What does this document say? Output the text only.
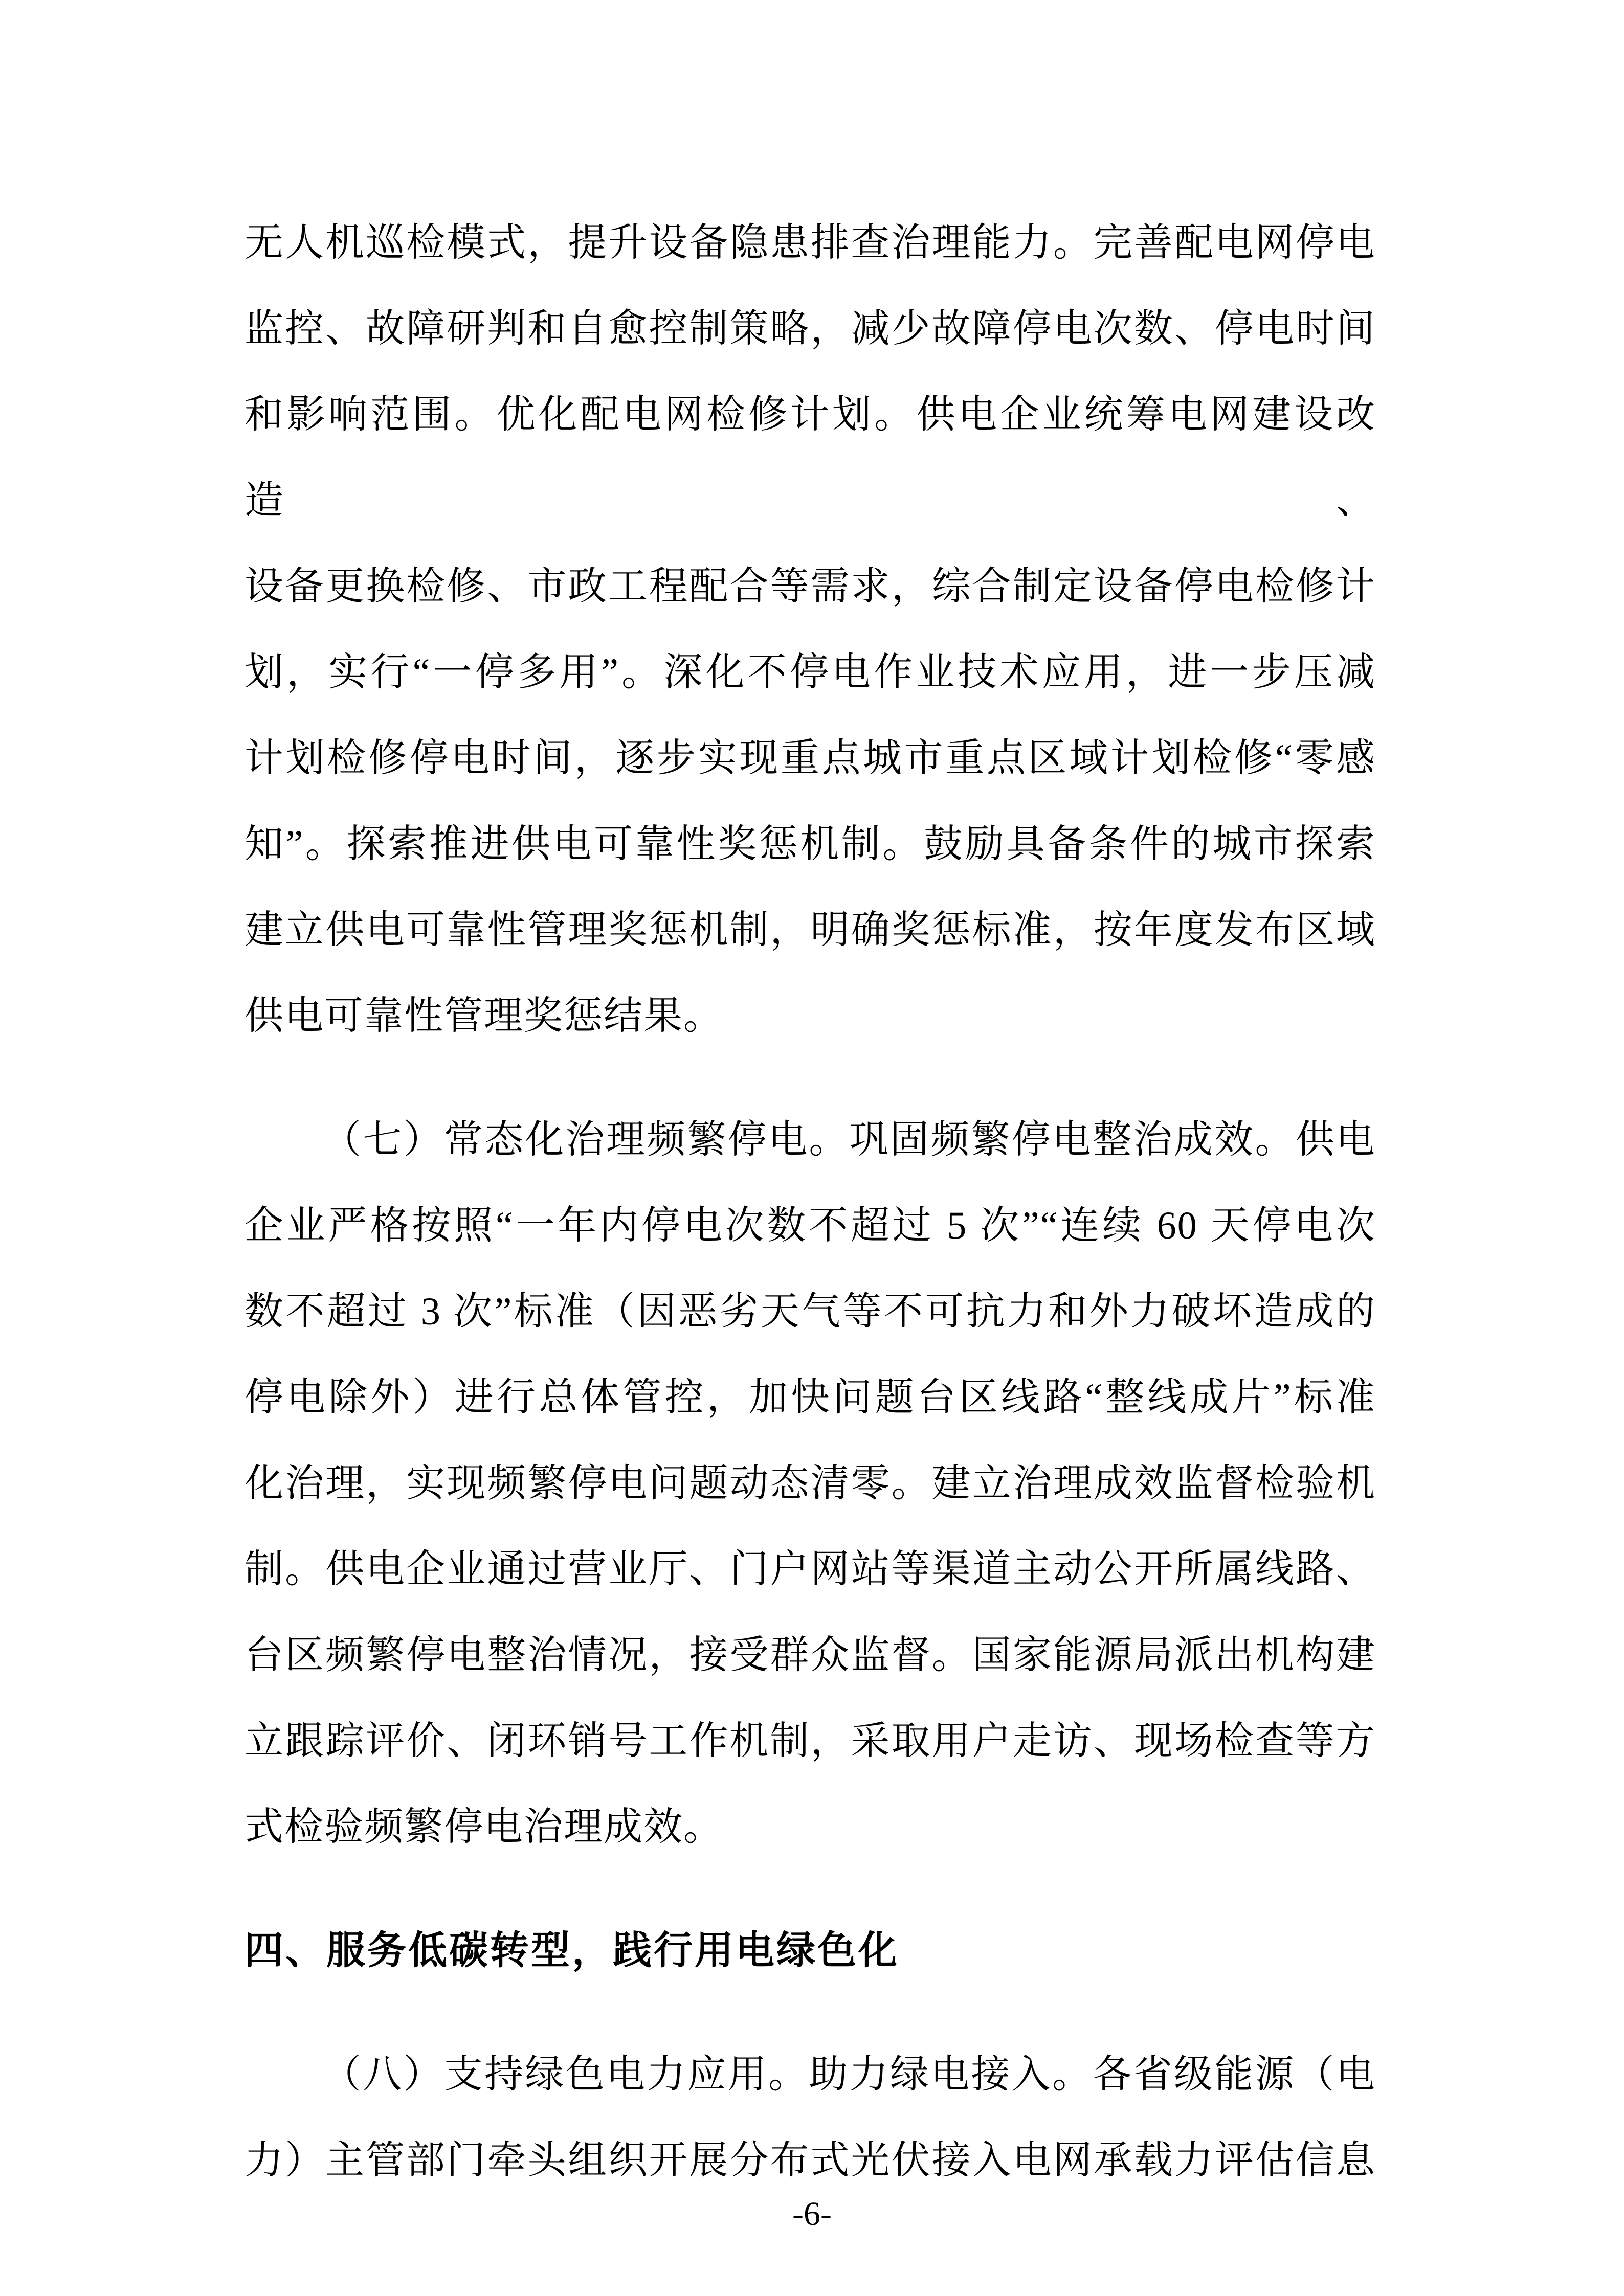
无人机巡检模式，提升设备隐患排查治理能力。完善配电网停电
监控、故障研判和自愈控制策略，减少故障停电次数、停电时间
和影响范围。优化配电网检修计划。供电企业统筹电网建设改造、
设备更换检修、市政工程配合等需求，综合制定设备停电检修计
划，实行“一停多用”。深化不停电作业技术应用，进一步压减
计划检修停电时间，逐步实现重点城市重点区域计划检修“零感
知”。探索推进供电可靠性奖惩机制。鼓励具备条件的城市探索
建立供电可靠性管理奖惩机制，明确奖惩标准，按年度发布区域
供电可靠性管理奖惩结果。
（七）常态化治理频繁停电。巩固频繁停电整治成效。供电
企业严格按照“一年内停电次数不超过 5 次”“连续 60 天停电次
数不超过 3 次”标准（因恶劣天气等不可抗力和外力破坏造成的
停电除外）进行总体管控，加快问题台区线路“整线成片”标准
化治理，实现频繁停电问题动态清零。建立治理成效监督检验机
制。供电企业通过营业厅、门户网站等渠道主动公开所属线路、
台区频繁停电整治情况，接受群众监督。国家能源局派出机构建
立跟踪评价、闭环销号工作机制，采取用户走访、现场检查等方
式检验频繁停电治理成效。
四、服务低碳转型，践行用电绿色化
（八）支持绿色电力应用。助力绿电接入。各省级能源（电
力）主管部门牵头组织开展分布式光伏接入电网承载力评估信息
-6-
